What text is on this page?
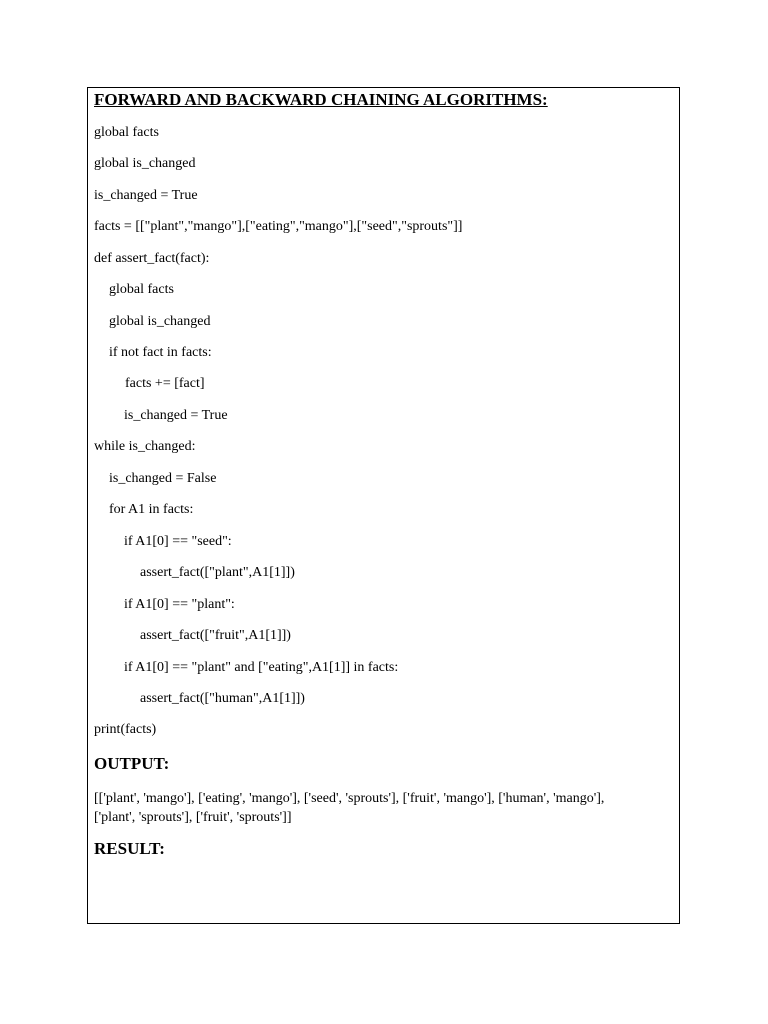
FORWARD AND BACKWARD CHAINING ALGORITHMS:
global facts
global is_changed
is_changed = True
facts = [["plant","mango"],["eating","mango"],["seed","sprouts"]]
def assert_fact(fact):
global facts
global is_changed
if not fact in facts:
facts += [fact]
is_changed = True
while is_changed:
is_changed = False
for A1 in facts:
if A1[0] == "seed":
assert_fact(["plant",A1[1]])
if A1[0] == "plant":
assert_fact(["fruit",A1[1]])
if A1[0] == "plant" and ["eating",A1[1]] in facts:
assert_fact(["human",A1[1]])
print(facts)
OUTPUT:
[['plant', 'mango'], ['eating', 'mango'], ['seed', 'sprouts'], ['fruit', 'mango'], ['human', 'mango'],
['plant', 'sprouts'], ['fruit', 'sprouts']]
RESULT:
